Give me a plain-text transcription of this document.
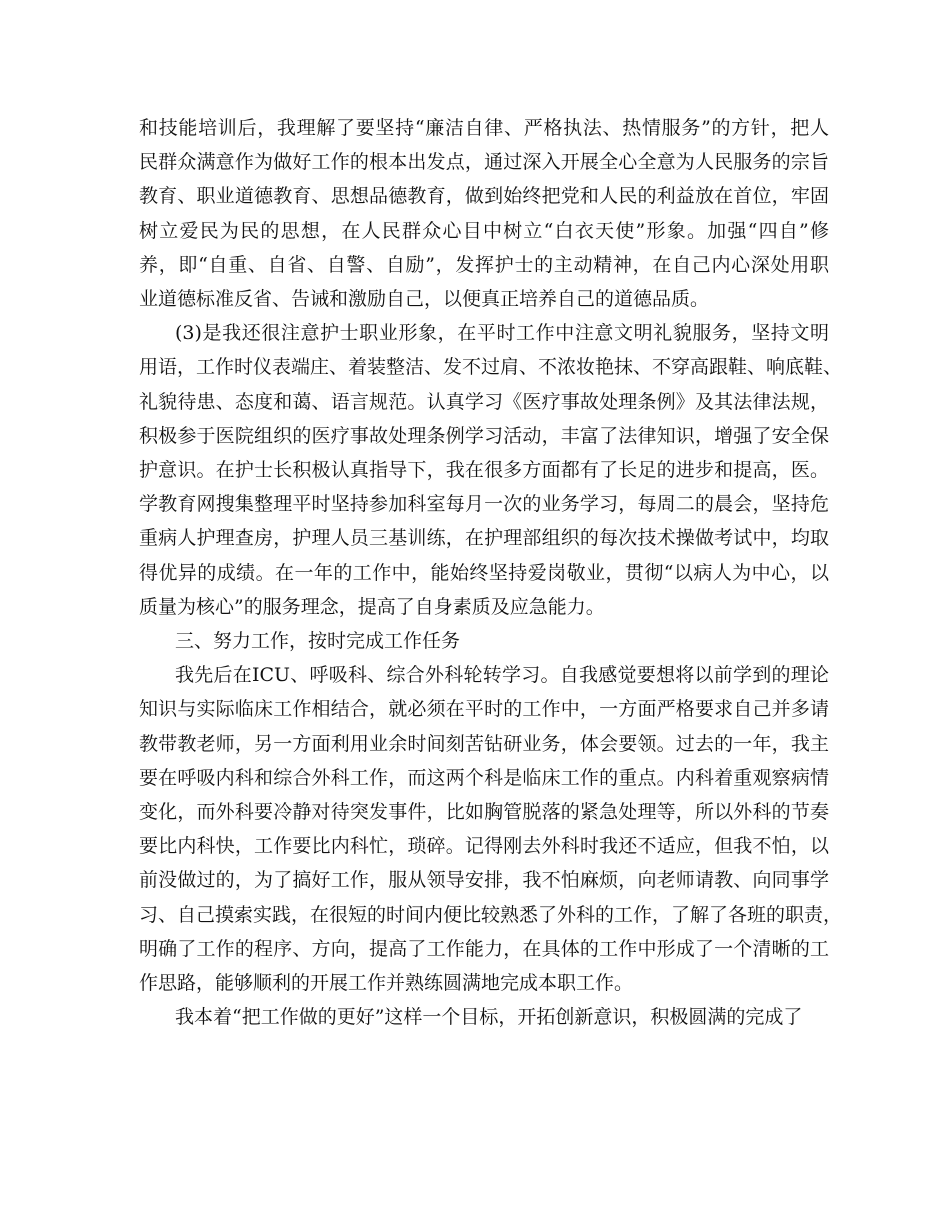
和技能培训后，我理解了要坚持“廉洁自律、严格执法、热情服务”的方针，把人
民群众满意作为做好工作的根本出发点，通过深入开展全心全意为人民服务的宗旨
教育、职业道德教育、思想品德教育，做到始终把党和人民的利益放在首位，牢固
树立爱民为民的思想，在人民群众心目中树立“白衣天使”形象。加强“四自”修
养，即“自重、自省、自警、自励”，发挥护士的主动精神，在自己内心深处用职
业道德标准反省、告诫和激励自己，以便真正培养自己的道德品质。

(3)是我还很注意护士职业形象，在平时工作中注意文明礼貌服务，坚持文明
用语，工作时仪表端庄、着装整洁、发不过肩、不浓妆艳抹、不穿高跟鞋、响底鞋、
礼貌待患、态度和蔼、语言规范。认真学习《医疗事故处理条例》及其法律法规，
积极参于医院组织的医疗事故处理条例学习活动，丰富了法律知识，增强了安全保
护意识。在护士长积极认真指导下，我在很多方面都有了长足的进步和提高，医。
学教育网搜集整理平时坚持参加科室每月一次的业务学习，每周二的晨会，坚持危
重病人护理查房，护理人员三基训练，在护理部组织的每次技术操做考试中，均取
得优异的成绩。在一年的工作中，能始终坚持爱岗敬业，贯彻“以病人为中心，以
质量为核心”的服务理念，提高了自身素质及应急能力。

三、努力工作，按时完成工作任务

我先后在ICU、呼吸科、综合外科轮转学习。自我感觉要想将以前学到的理论
知识与实际临床工作相结合，就必须在平时的工作中，一方面严格要求自己并多请
教带教老师，另一方面利用业余时间刻苦钻研业务，体会要领。过去的一年，我主
要在呼吸内科和综合外科工作，而这两个科是临床工作的重点。内科着重观察病情
变化，而外科要冷静对待突发事件，比如胸管脱落的紧急处理等，所以外科的节奏
要比内科快，工作要比内科忙，琐碎。记得刚去外科时我还不适应，但我不怕，以
前没做过的，为了搞好工作，服从领导安排，我不怕麻烦，向老师请教、向同事学
习、自己摸索实践，在很短的时间内便比较熟悉了外科的工作，了解了各班的职责，
明确了工作的程序、方向，提高了工作能力，在具体的工作中形成了一个清晰的工
作思路，能够顺利的开展工作并熟练圆满地完成本职工作。

我本着“把工作做的更好”这样一个目标，开拓创新意识，积极圆满的完成了
